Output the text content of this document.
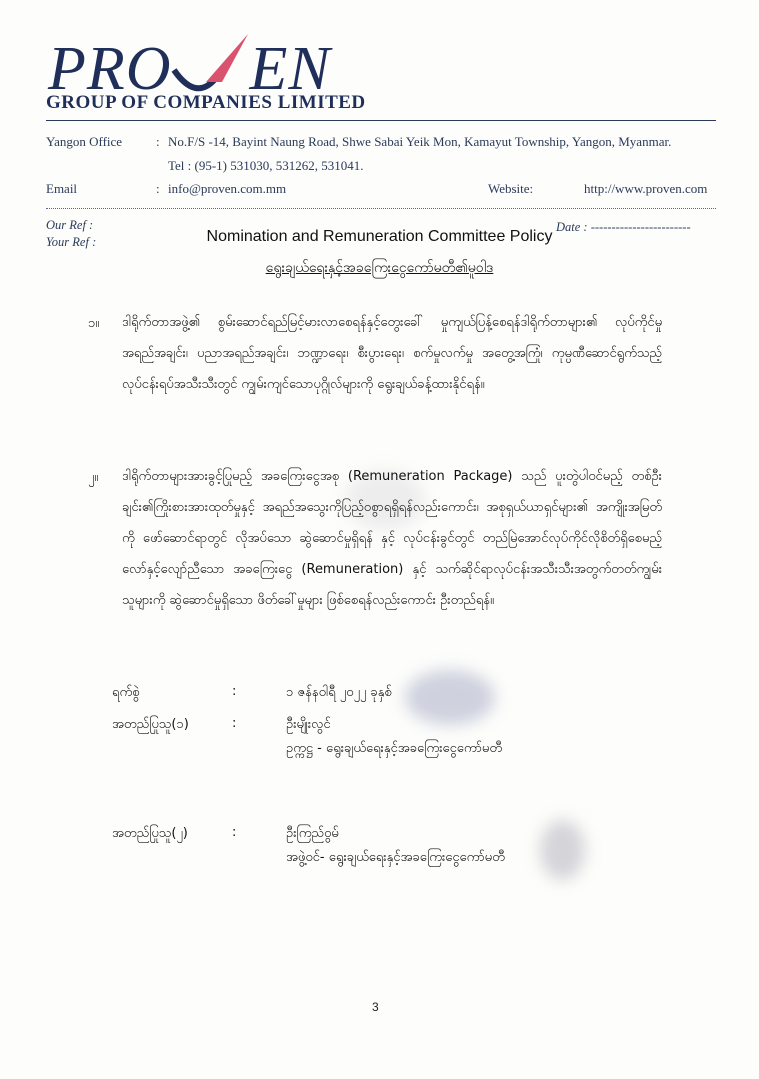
PRO EN
GROUP OF COMPANIES LIMITED
Yangon Office	: No.F/S -14, Bayint Naung Road, Shwe Sabai Yeik Mon, Kamayut Township, Yangon, Myanmar.
Tel : (95-1) 531030, 531262, 531041.
Email	: info@proven.com.mm	Website:	http://www.proven.com
Our Ref :
Your Ref :
Date : ------------------------
Nomination and Remuneration Committee Policy
ရွေးချယ်ရေးနှင့်အခကြေးငွေကော်မတီ၏မူဝါဒ
၁။ ဒါရိုက်တာအဖွဲ့၏ စွမ်းဆောင်ရည်မြင့်မားလာစေရန်နှင့်တွေးခေါ် မှုကျယ်ပြန့်စေရန်ဒါရိုက်တာများ၏ လုပ်ကိုင်မှုအရည်အချင်း၊ ပညာအရည်အချင်း၊ ဘဏ္ဍာရေး၊ စီးပွားရေး၊ စက်မှုလက်မှု အတွေ့အကြုံ၊ ကုမ္ပဏီဆောင်ရွက်သည့်လုပ်ငန်းရပ်အသီးသီးတွင် ကျွမ်းကျင်သောပုဂ္ဂိုလ်များကို ရွေးချယ်ခန့်ထားနိုင်ရန်။
၂။ ဒါရိုက်တာများအားခွင့်ပြုမည့် အခကြေးငွေအစု (Remuneration Package) သည် ပူးတွဲပါဝင်မည့် တစ်ဦးချင်း၏ကြိုးစားအားထုတ်မှုနှင့် အရည်အသွေးကိုပြည့်ဝစွာရရှိရန်လည်းကောင်း၊ အစုရှယ်ယာရှင်များ၏ အကျိုးအမြတ်ကို ဖော်ဆောင်ရာတွင် လိုအပ်သော ဆွဲဆောင်မှုရှိရန် နှင့် လုပ်ငန်းခွင်တွင် တည်မြဲအောင်လုပ်ကိုင်လိုစိတ်ရှိစေမည့် လော်နှင့်လျော်ညီသော အခကြေးငွေ (Remuneration) နှင့် သက်ဆိုင်ရာလုပ်ငန်းအသီးသီးအတွက်တတ်ကျွမ်းသူများကို ဆွဲဆောင်မှုရှိသော ဖိတ်ခေါ်မှုများ ဖြစ်စေရန်လည်းကောင်း ဦးတည်ရန်။
ရက်စွဲ	:	၁ ဇန်နဝါရီ ၂၀၂၂ ခုနှစ်
အတည်ပြုသူ(၁)	:	ဦးမျိုးလွင်
ဥက္ကဋ္ဌ - ရွေးချယ်ရေးနှင့်အခကြေးငွေကော်မတီ
အတည်ပြုသူ(၂)	:	ဦးကြည်ဝွမ်
အဖွဲ့ဝင်- ရွေးချယ်ရေးနှင့်အခကြေးငွေကော်မတီ
3
